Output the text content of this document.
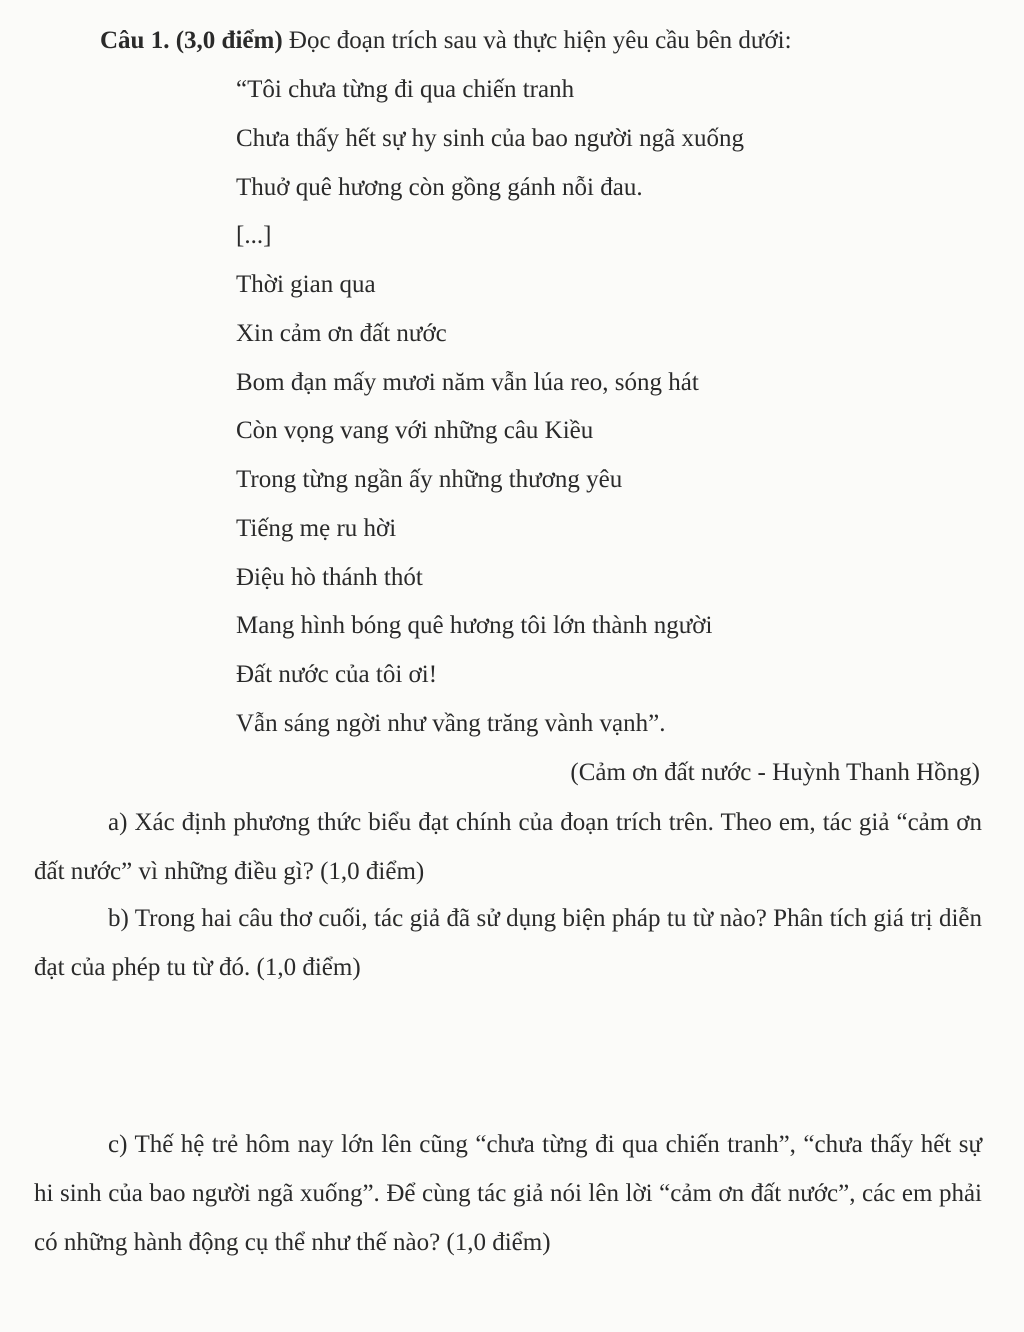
Câu 1. (3,0 điểm) Đọc đoạn trích sau và thực hiện yêu cầu bên dưới:
“Tôi chưa từng đi qua chiến tranh
Chưa thấy hết sự hy sinh của bao người ngã xuống
Thuở quê hương còn gồng gánh nỗi đau.
[...]
Thời gian qua
Xin cảm ơn đất nước
Bom đạn mấy mươi năm vẫn lúa reo, sóng hát
Còn vọng vang với những câu Kiều
Trong từng ngần ấy những thương yêu
Tiếng mẹ ru hời
Điệu hò thánh thót
Mang hình bóng quê hương tôi lớn thành người
Đất nước của tôi ơi!
Vẫn sáng ngời như vầng trăng vành vạnh”.
(Cảm ơn đất nước - Huỳnh Thanh Hồng)

a) Xác định phương thức biểu đạt chính của đoạn trích trên. Theo em, tác giả “cảm ơn đất nước” vì những điều gì? (1,0 điểm)

b) Trong hai câu thơ cuối, tác giả đã sử dụng biện pháp tu từ nào? Phân tích giá trị diễn đạt của phép tu từ đó. (1,0 điểm)

c) Thế hệ trẻ hôm nay lớn lên cũng “chưa từng đi qua chiến tranh”, “chưa thấy hết sự hi sinh của bao người ngã xuống”. Để cùng tác giả nói lên lời “cảm ơn đất nước”, các em phải có những hành động cụ thể như thế nào? (1,0 điểm)
